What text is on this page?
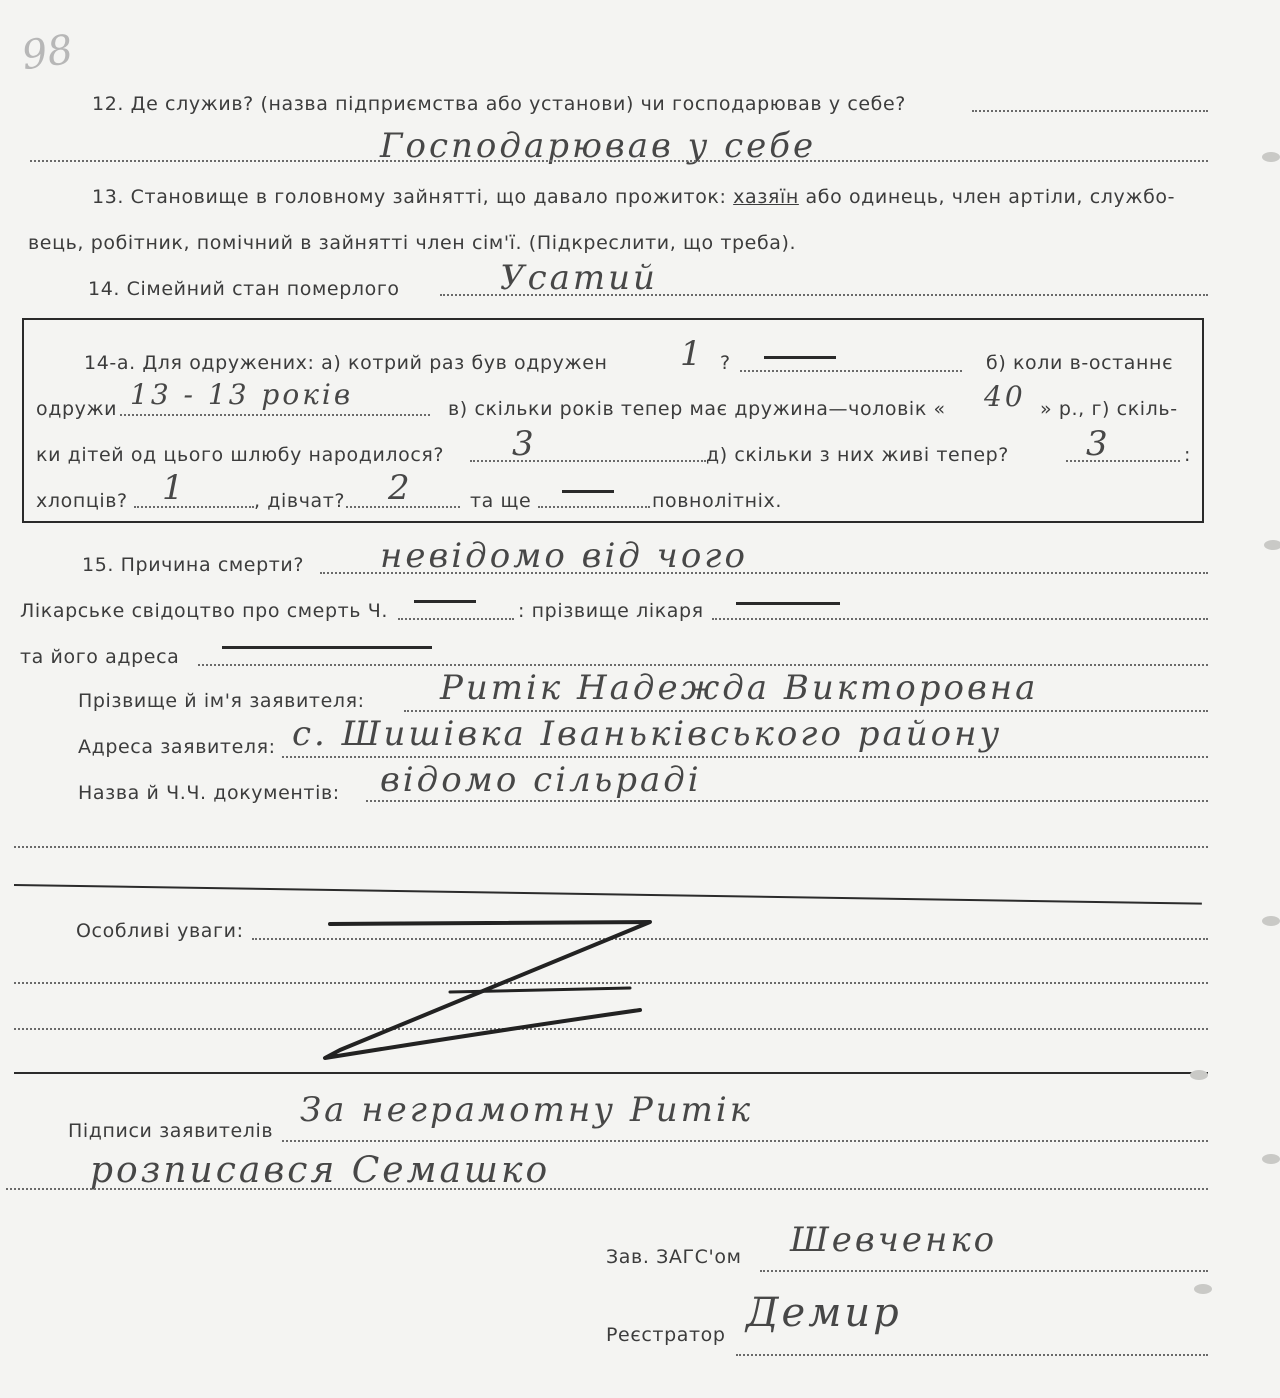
98
12. Де служив? (назва підприємства або установи) чи господарював у себе?
Господарював у себе
13. Становище в головному зайнятті, що давало прожиток: хазяїн або одинець, член артіли, службо-
вець, робітник, помічний в зайнятті член сім'ї. (Підкреслити, що треба).
14. Сімейний стан померлого	Усатий
14-а. Для одружених: а) котрий раз був одружен 1 ?	б) коли в-останнє
одружи 13 - 13 років	в) скільки років тепер має дружина—чоловік « 40 » р., г) скіль-
ки дітей од цього шлюбу народилося? 3	д) скільки з них живі тепер? 3	:
хлопців? 1	, дівчат? 2	та ще	повнолітніх.
15. Причина смерти? невідомо від чого
Лікарське свідоцтво про смерть Ч.	: прізвище лікаря
та його адреса
Прізвище й ім'я заявителя: Ритік Надежда Викторовна
Адреса заявителя: с. Шишівка Іваньківського району
Назва й Ч.Ч. документів: відомо сільраді
Особливі уваги:
Підписи заявителів
За неграмотну Ритік
розписався Семашко
Зав. ЗАГС'ом Шевченко
Реєстратор Демир
